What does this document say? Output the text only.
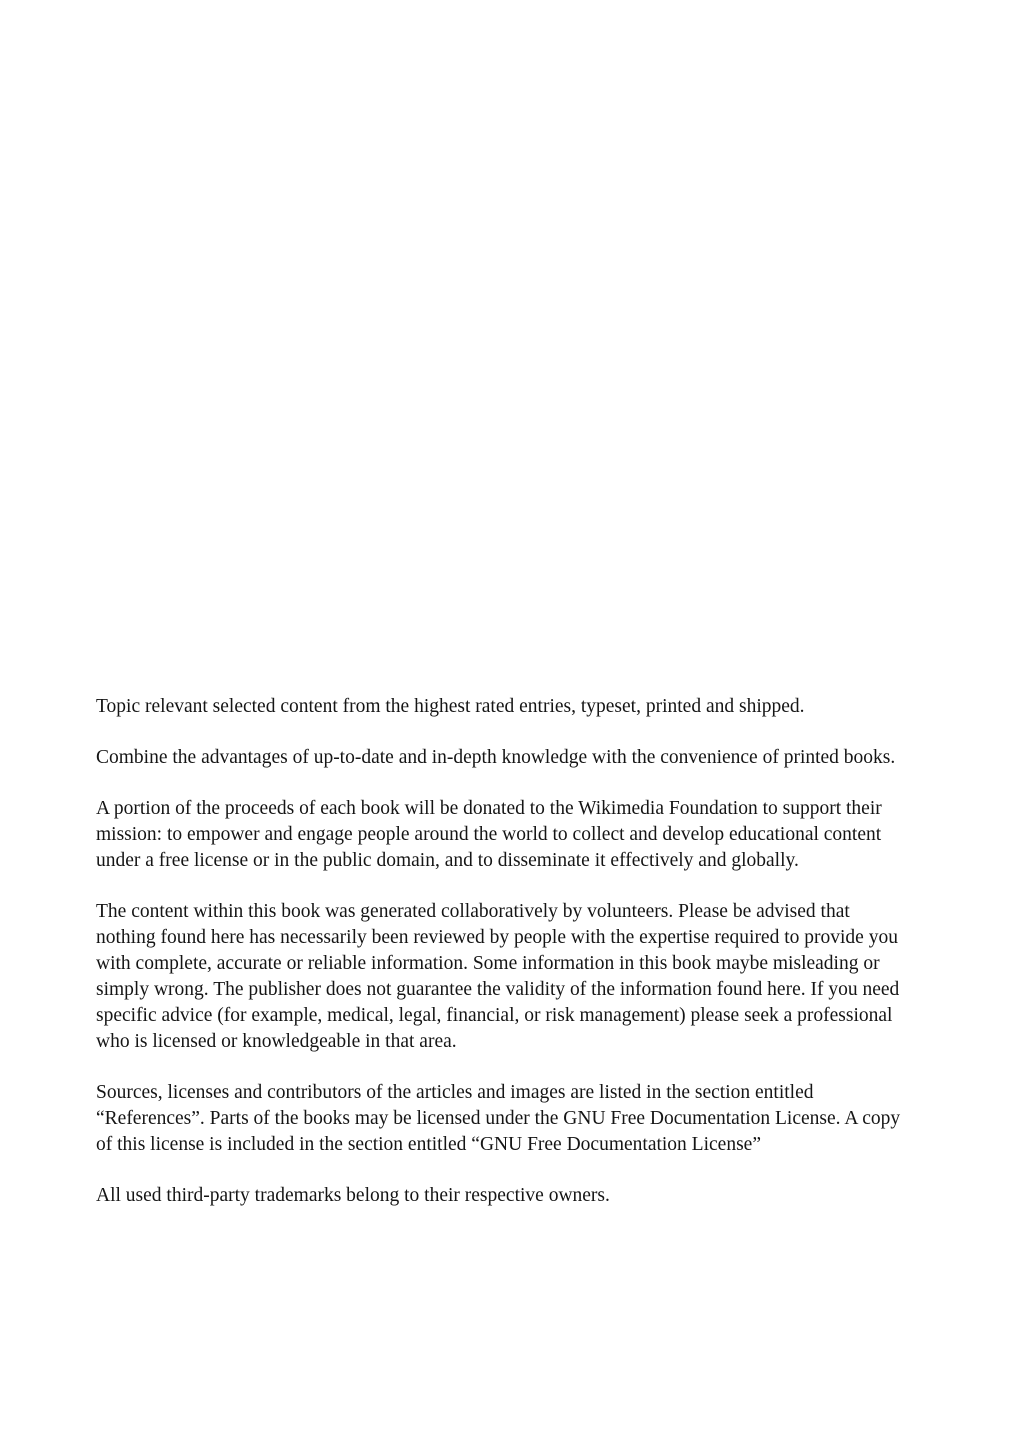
Topic relevant selected content from the highest rated entries, typeset, printed and shipped.

Combine the advantages of up-to-date and in-depth knowledge with the convenience of printed books.

A portion of the proceeds of each book will be donated to the Wikimedia Foundation to support their mission: to empower and engage people around the world to collect and develop educational content under a free license or in the public domain, and to disseminate it effectively and globally.

The content within this book was generated collaboratively by volunteers. Please be advised that nothing found here has necessarily been reviewed by people with the expertise required to provide you with complete, accurate or reliable information. Some information in this book maybe misleading or simply wrong. The publisher does not guarantee the validity of the information found here. If you need specific advice (for example, medical, legal, financial, or risk management) please seek a professional who is licensed or knowledgeable in that area.

Sources, licenses and contributors of the articles and images are listed in the section entitled “References”. Parts of the books may be licensed under the GNU Free Documentation License. A copy of this license is included in the section entitled “GNU Free Documentation License”

All used third-party trademarks belong to their respective owners.
